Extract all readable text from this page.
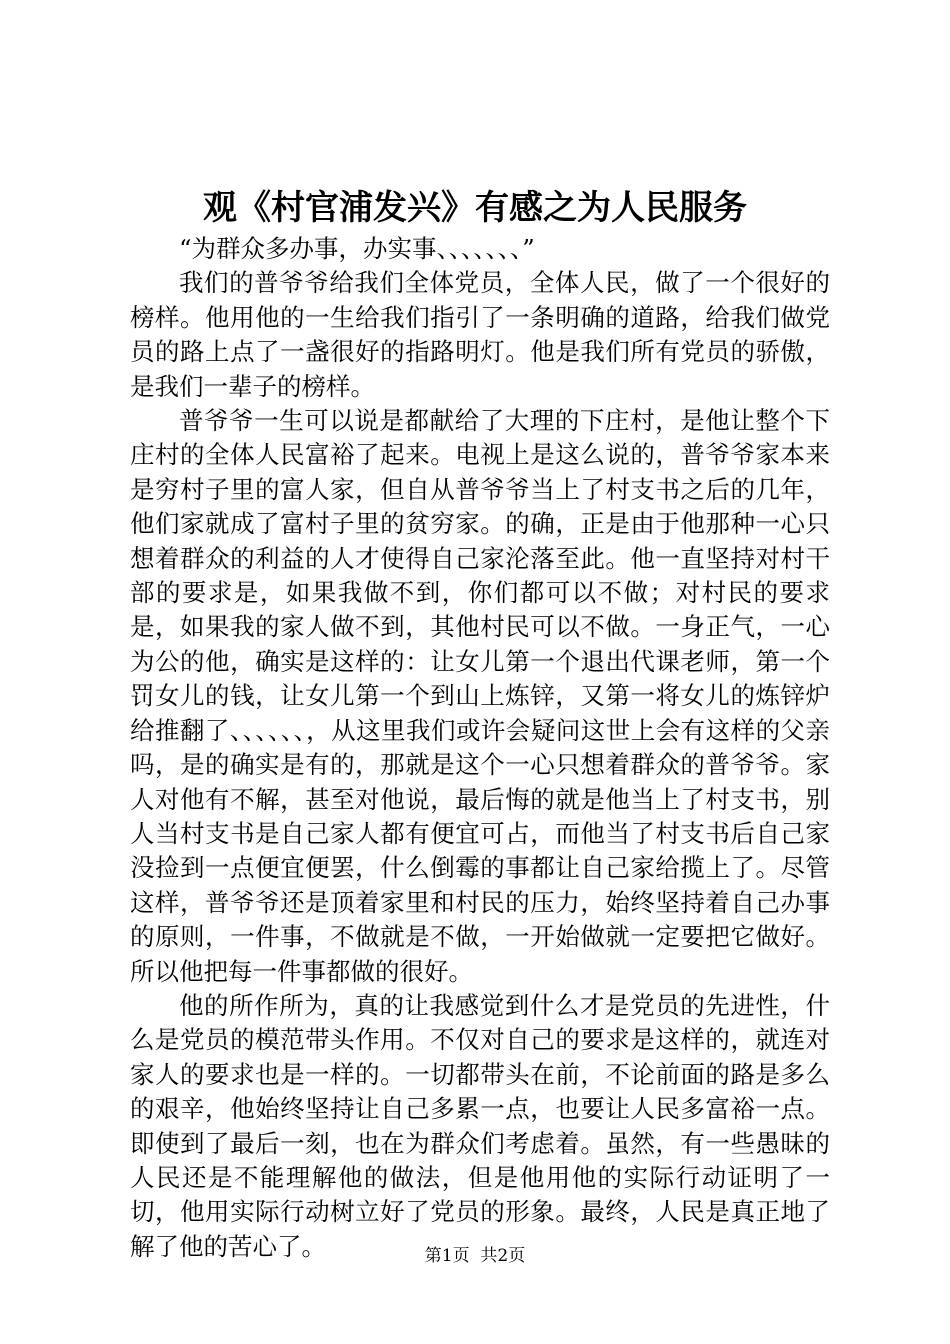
观《村官浦发兴》有感之为人民服务

“为群众多办事，办实事、、、、、、、”

我们的普爷爷给我们全体党员，全体人民，做了一个很好的榜样。他用他的一生给我们指引了一条明确的道路，给我们做党员的路上点了一盏很好的指路明灯。他是我们所有党员的骄傲，是我们一辈子的榜样。

普爷爷一生可以说是都献给了大理的下庄村，是他让整个下庄村的全体人民富裕了起来。电视上是这么说的，普爷爷家本来是穷村子里的富人家，但自从普爷爷当上了村支书之后的几年，他们家就成了富村子里的贫穷家。的确，正是由于他那种一心只想着群众的利益的人才使得自己家沦落至此。他一直坚持对村干部的要求是，如果我做不到，你们都可以不做；对村民的要求是，如果我的家人做不到，其他村民可以不做。一身正气，一心为公的他，确实是这样的：让女儿第一个退出代课老师，第一个罚女儿的钱，让女儿第一个到山上炼锌，又第一将女儿的炼锌炉给推翻了、、、、、、，从这里我们或许会疑问这世上会有这样的父亲吗，是的确实是有的，那就是这个一心只想着群众的普爷爷。家人对他有不解，甚至对他说，最后悔的就是他当上了村支书，别人当村支书是自己家人都有便宜可占，而他当了村支书后自己家没捡到一点便宜便罢，什么倒霉的事都让自己家给揽上了。尽管这样，普爷爷还是顶着家里和村民的压力，始终坚持着自己办事的原则，一件事，不做就是不做，一开始做就一定要把它做好。所以他把每一件事都做的很好。

他的所作所为，真的让我感觉到什么才是党员的先进性，什么是党员的模范带头作用。不仅对自己的要求是这样的，就连对家人的要求也是一样的。一切都带头在前，不论前面的路是多么的艰辛，他始终坚持让自己多累一点，也要让人民多富裕一点。即使到了最后一刻，也在为群众们考虑着。虽然，有一些愚昧的人民还是不能理解他的做法，但是他用他的实际行动证明了一切，他用实际行动树立好了党员的形象。最终，人民是真正地了解了他的苦心了。	第1页 共2页
